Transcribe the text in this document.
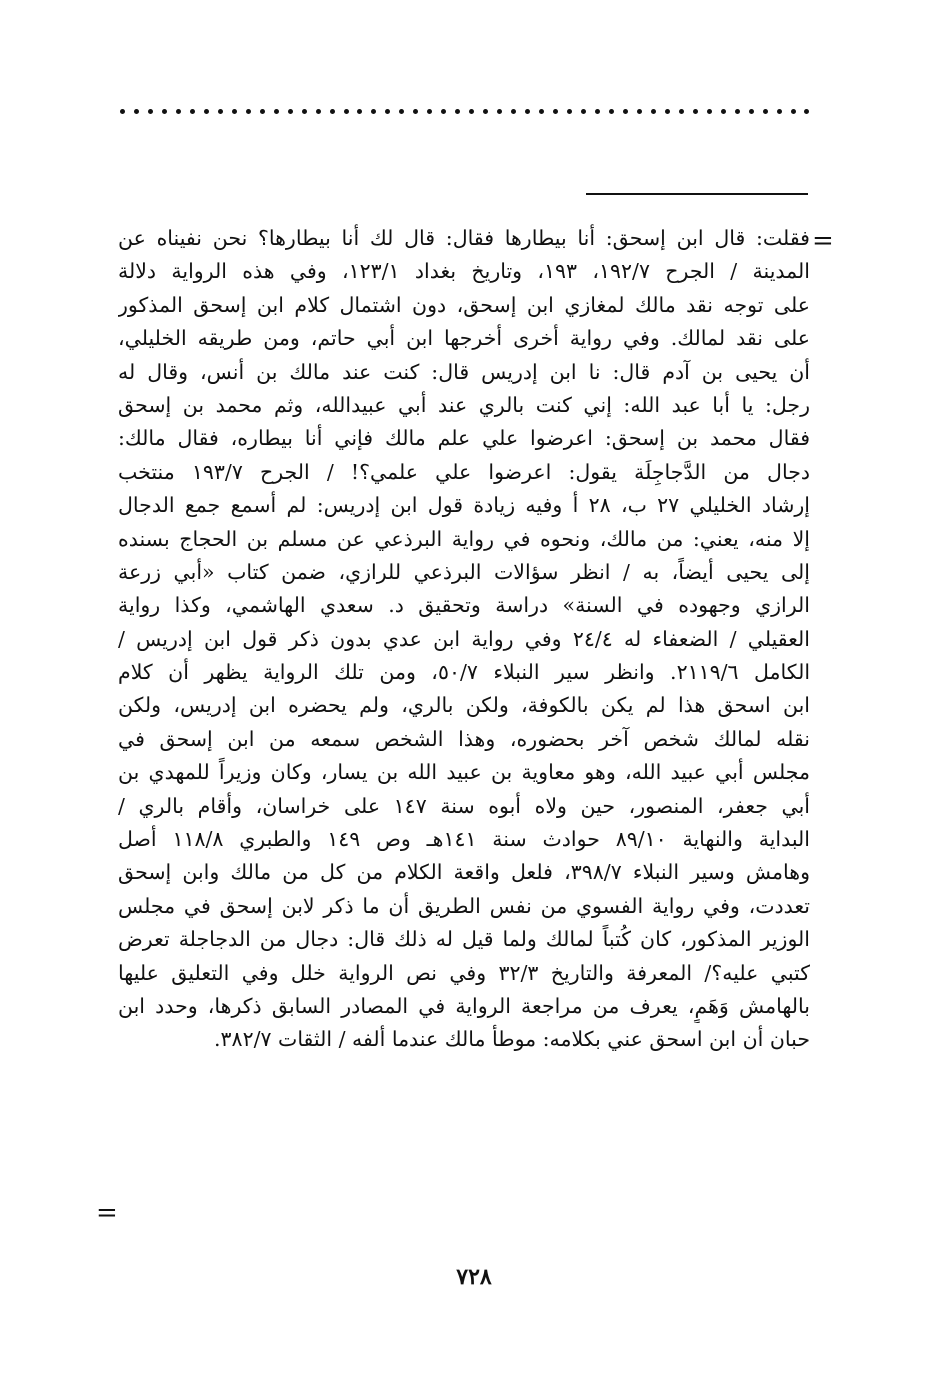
=
فقلت: قال ابن إسحق: أنا بيطارها فقال: قال لك أنا بيطارها؟ نحن نفيناه عن
المدينة / الجرح ١٩٢/٧، ١٩٣، وتاريخ بغداد ١٢٣/١، وفي هذه الرواية دلالة
على توجه نقد مالك لمغازي ابن إسحق، دون اشتمال كلام ابن إسحق المذكور
على نقد لمالك. وفي رواية أخرى أخرجها ابن أبي حاتم، ومن طريقه الخليلي،
أن يحيى بن آدم قال: نا ابن إدريس قال: كنت عند مالك بن أنس، وقال له
رجل: يا أبا عبد الله: إني كنت بالري عند أبي عبيدالله، وثم محمد بن إسحق
فقال محمد بن إسحق: اعرضوا علي علم مالك فإني أنا بيطاره، فقال مالك:
دجال من الدَّجاجِلَة يقول: اعرضوا علي علمي؟! / الجرح ١٩٣/٧ منتخب
إرشاد الخليلي ٢٧ ب، ٢٨ أ وفيه زيادة قول ابن إدريس: لم أسمع جمع الدجال
إلا منه، يعني: من مالك، ونحوه في رواية البرذعي عن مسلم بن الحجاج بسنده
إلى يحيى أيضاً، به / انظر سؤالات البرذعي للرازي، ضمن كتاب «أبي زرعة
الرازي وجهوده في السنة» دراسة وتحقيق د. سعدي الهاشمي، وكذا رواية
العقيلي / الضعفاء له ٢٤/٤ وفي رواية ابن عدي بدون ذكر قول ابن إدريس /
الكامل ٢١١٩/٦. وانظر سير النبلاء ٥٠/٧، ومن تلك الرواية يظهر أن كلام
ابن اسحق هذا لم يكن بالكوفة، ولكن بالري، ولم يحضره ابن إدريس، ولكن
نقله لمالك شخص آخر بحضوره، وهذا الشخص سمعه من ابن إسحق في
مجلس أبي عبيد الله، وهو معاوية بن عبيد الله بن يسار، وكان وزيراً للمهدي بن
أبي جعفر، المنصور، حين ولاه أبوه سنة ١٤٧ على خراسان، وأقام بالري /
البداية والنهاية ٨٩/١٠ حوادث سنة ١٤١هـ وص ١٤٩ والطبري ١١٨/٨ أصل
وهامش وسير النبلاء ٣٩٨/٧، فلعل واقعة الكلام من كل من مالك وابن إسحق
تعددت، وفي رواية الفسوي من نفس الطريق أن ما ذكر لابن إسحق في مجلس
الوزير المذكور، كان كُتباً لمالك ولما قيل له ذلك قال: دجال من الدجاجلة تعرض
كتبي عليه؟/ المعرفة والتاريخ ٣٢/٣ وفي نص الرواية خلل وفي التعليق عليها
بالهامش وَهَمٍ، يعرف من مراجعة الرواية في المصادر السابق ذكرها، وحدد ابن
حبان أن ابن اسحق عني بكلامه: موطأ مالك عندما ألفه / الثقات ٣٨٢/٧.
=
٧٢٨
